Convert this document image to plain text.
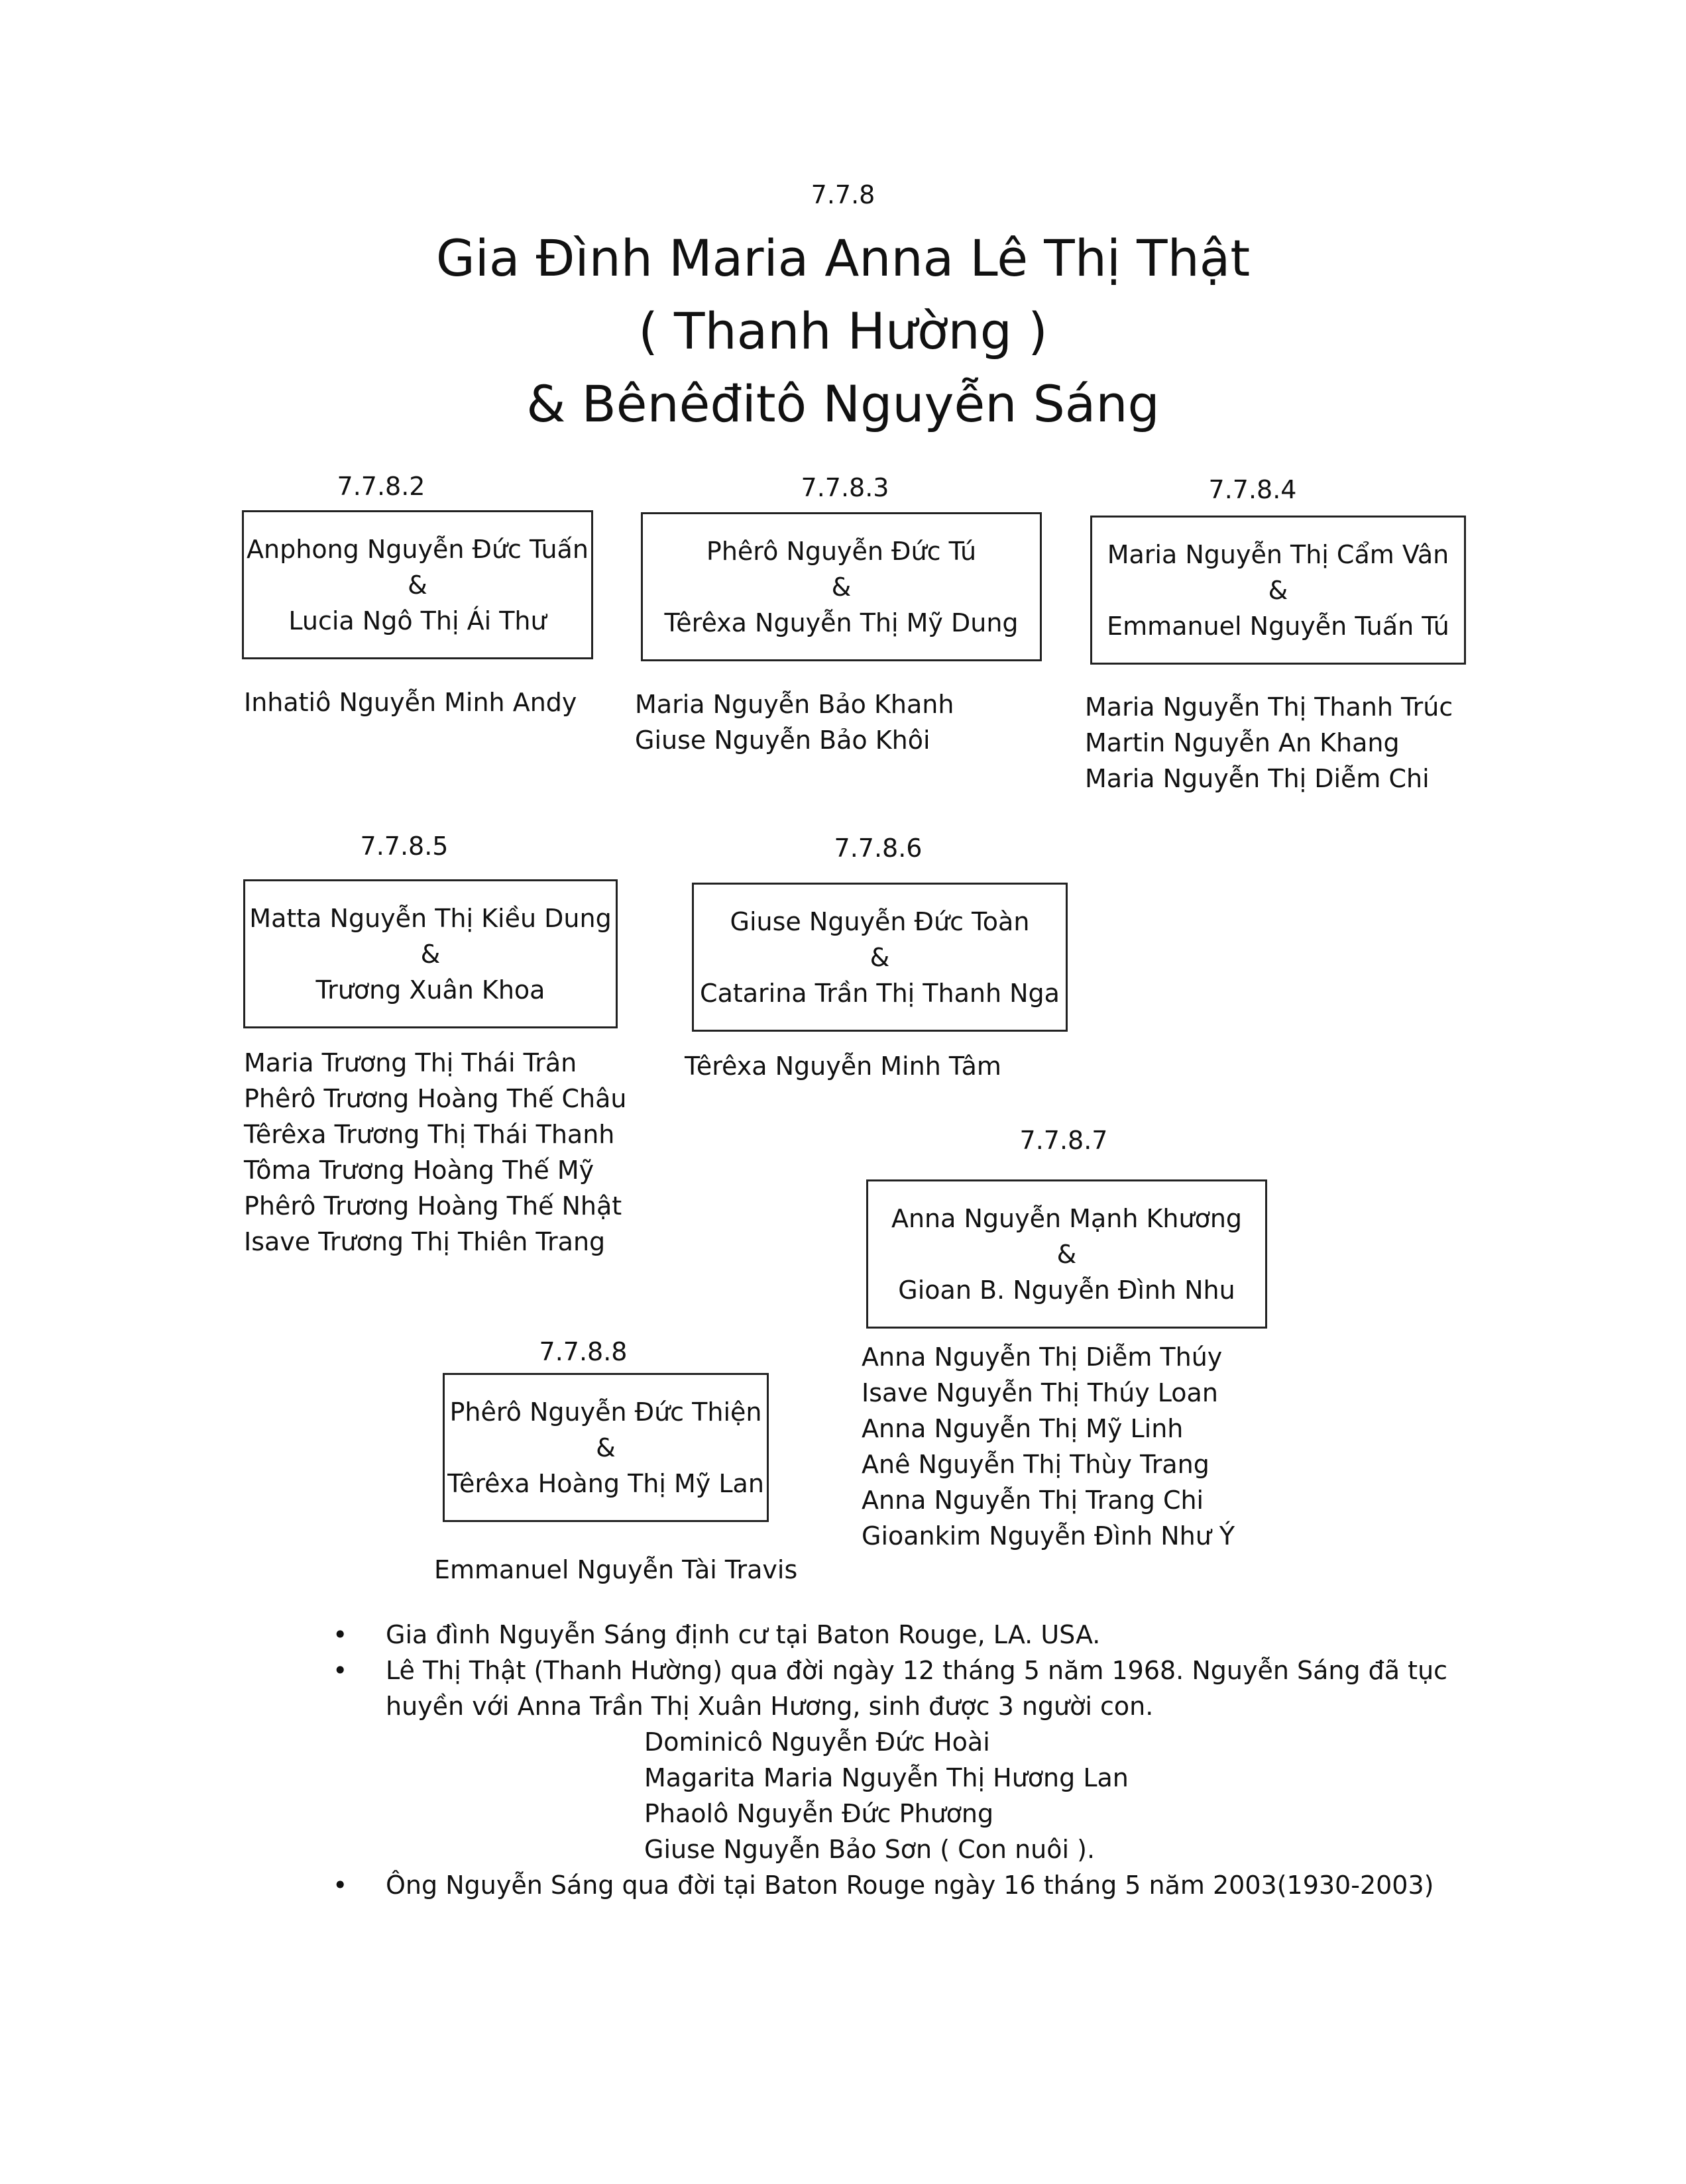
7.7.8
Gia Đình Maria Anna Lê Thị Thật
( Thanh Hường )
& Bênêđitô Nguyễn Sáng
7.7.8.2
Anphong Nguyễn Đức Tuấn
&
Lucia Ngô Thị Ái Thư
Inhatiô Nguyễn Minh Andy
7.7.8.3
Phêrô Nguyễn Đức Tú
&
Têrêxa Nguyễn Thị Mỹ Dung
Maria Nguyễn Bảo Khanh
Giuse Nguyễn Bảo Khôi
7.7.8.4
Maria Nguyễn Thị Cẩm Vân
&
Emmanuel Nguyễn Tuấn Tú
Maria Nguyễn Thị Thanh Trúc
Martin Nguyễn An Khang
Maria Nguyễn Thị Diễm Chi
7.7.8.5
Matta Nguyễn Thị Kiều Dung
&
Trương Xuân Khoa
Maria Trương Thị Thái Trân
Phêrô Trương Hoàng Thế Châu
Têrêxa Trương Thị Thái Thanh
Tôma Trương Hoàng Thế Mỹ
Phêrô Trương Hoàng Thế Nhật
Isave Trương Thị Thiên Trang
7.7.8.6
Giuse Nguyễn Đức Toàn
&
Catarina Trần Thị Thanh Nga
Têrêxa Nguyễn Minh Tâm
7.7.8.7
Anna Nguyễn Mạnh Khương
&
Gioan B. Nguyễn Đình Nhu
Anna Nguyễn Thị Diễm Thúy
Isave Nguyễn Thị Thúy Loan
Anna Nguyễn Thị Mỹ Linh
Anê Nguyễn Thị Thùy Trang
Anna Nguyễn Thị Trang Chi
Gioankim Nguyễn Đình Như Ý
7.7.8.8
Phêrô Nguyễn Đức Thiện
&
Têrêxa Hoàng Thị Mỹ Lan
Emmanuel Nguyễn Tài Travis
• Gia đình Nguyễn Sáng định cư tại Baton Rouge, LA. USA.
• Lê Thị Thật (Thanh Hường) qua đời ngày 12 tháng 5 năm 1968. Nguyễn Sáng đã tục
huyền với Anna Trần Thị Xuân Hương, sinh được 3 người con.
Dominicô Nguyễn Đức Hoài
Magarita Maria Nguyễn Thị Hương Lan
Phaolô Nguyễn Đức Phương
Giuse Nguyễn Bảo Sơn ( Con nuôi ).
• Ông Nguyễn Sáng qua đời tại Baton Rouge ngày 16 tháng 5 năm 2003(1930-2003)
